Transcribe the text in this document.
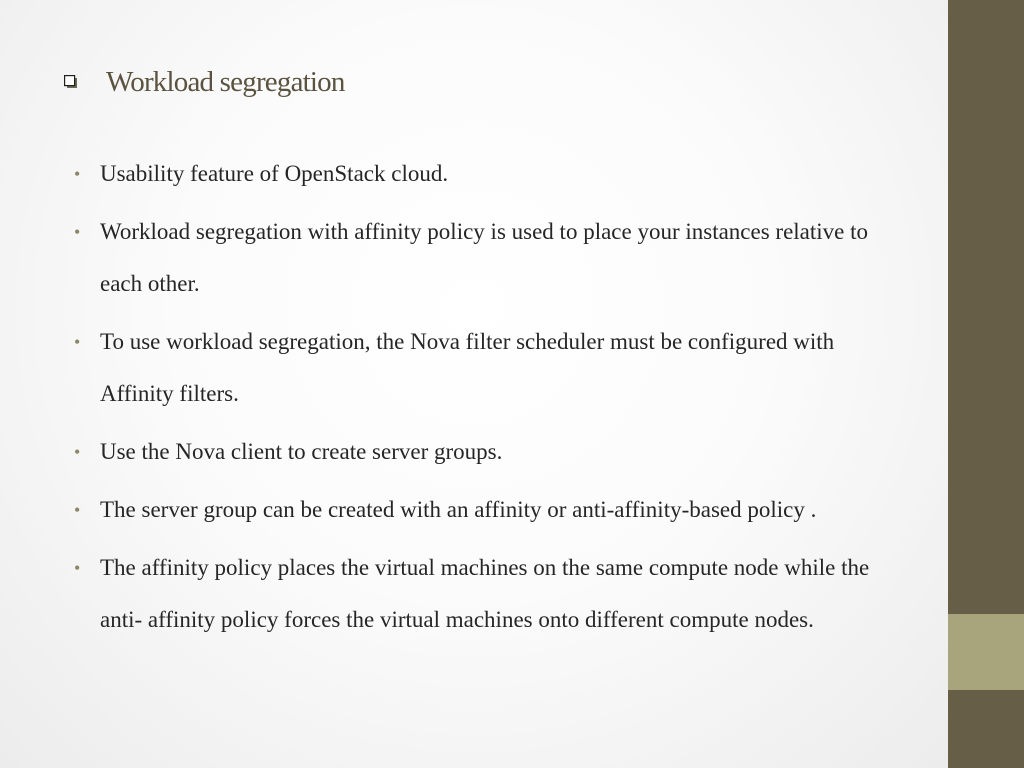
Workload segregation
• Usability feature of OpenStack cloud.
• Workload segregation with affinity policy is used to place your instances relative to each other.
• To use workload segregation, the Nova filter scheduler must be configured with Affinity filters.
• Use the Nova client to create server groups.
• The server group can be created with an affinity or anti-affinity-based policy .
• The affinity policy places the virtual machines on the same compute node while the anti- affinity policy forces the virtual machines onto different compute nodes.
